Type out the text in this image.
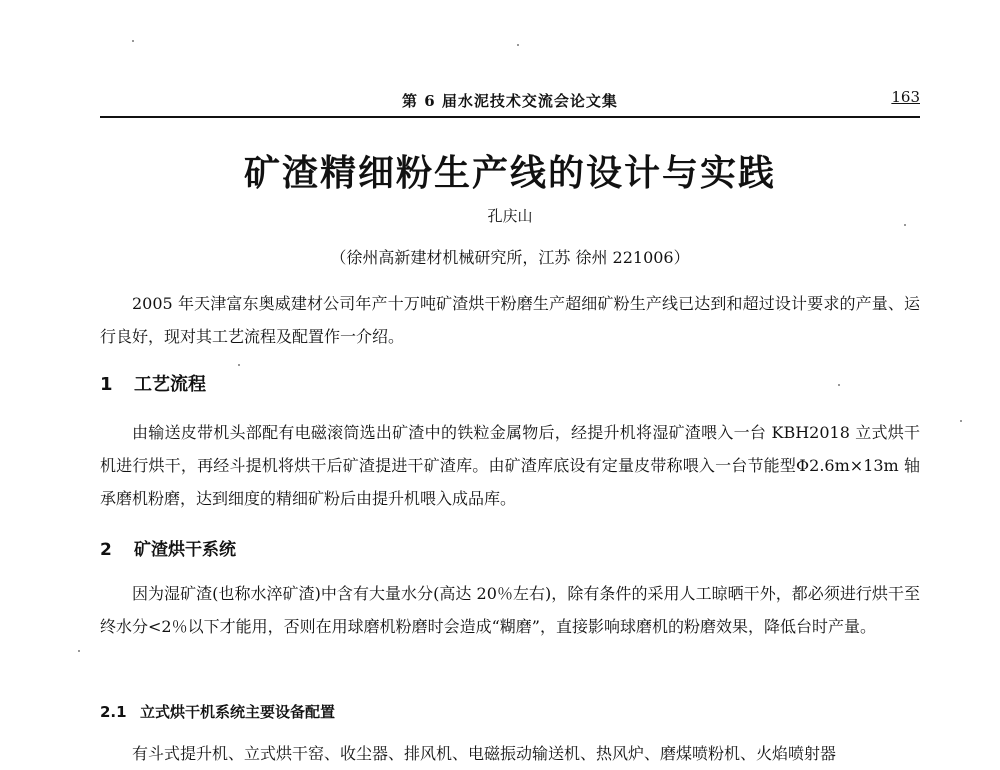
第 6 届水泥技术交流会论文集	163
矿渣精细粉生产线的设计与实践
孔庆山
（徐州高新建材机械研究所，江苏 徐州 221006）

2005 年天津富东奥威建材公司年产十万吨矿渣烘干粉磨生产超细矿粉生产线已达到和超过设计要求的产量、运行良好，现对其工艺流程及配置作一介绍。

1 工艺流程

由输送皮带机头部配有电磁滚筒选出矿渣中的铁粒金属物后，经提升机将湿矿渣喂入一台 KBH2018 立式烘干机进行烘干，再经斗提机将烘干后矿渣提进干矿渣库。由矿渣库底设有定量皮带称喂入一台节能型Φ2.6m×13m 轴承磨机粉磨，达到细度的精细矿粉后由提升机喂入成品库。

2 矿渣烘干系统

因为湿矿渣(也称水淬矿渣)中含有大量水分(高达 20％左右)，除有条件的采用人工晾晒干外，都必须进行烘干至终水分<2％以下才能用，否则在用球磨机粉磨时会造成“糊磨”，直接影响球磨机的粉磨效果，降低台时产量。

2.1 立式烘干机系统主要设备配置

有斗式提升机、立式烘干窑、收尘器、排风机、电磁振动输送机、热风炉、磨煤喷粉机、火焰喷射器
